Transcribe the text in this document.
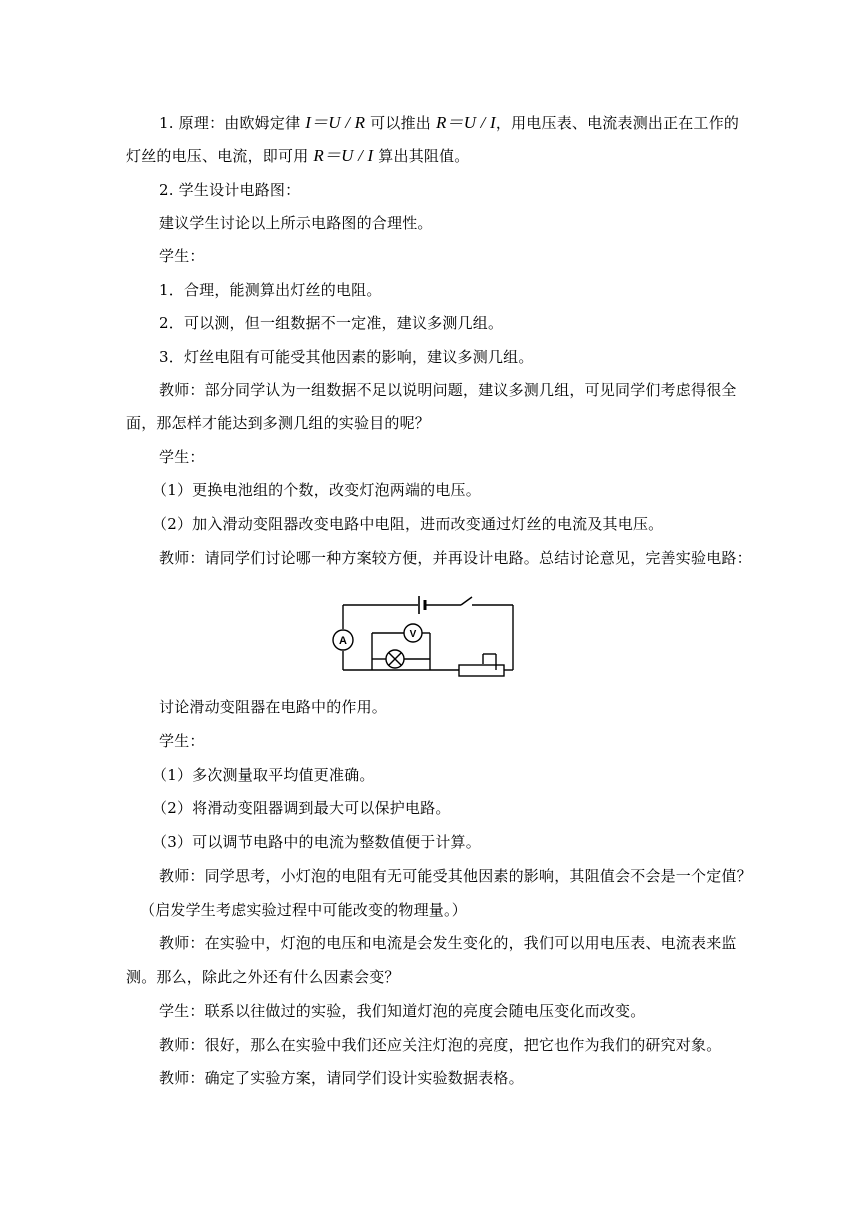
1. 原理：由欧姆定律 I＝U / R 可以推出 R＝U / I，用电压表、电流表测出正在工作的
灯丝的电压、电流，即可用 R＝U / I 算出其阻值。
2. 学生设计电路图：
建议学生讨论以上所示电路图的合理性。
学生：
1．合理，能测算出灯丝的电阻。
2．可以测，但一组数据不一定准，建议多测几组。
3．灯丝电阻有可能受其他因素的影响，建议多测几组。
教师：部分同学认为一组数据不足以说明问题，建议多测几组，可见同学们考虑得很全
面，那怎样才能达到多测几组的实验目的呢？
学生：
（1）更换电池组的个数，改变灯泡两端的电压。
（2）加入滑动变阻器改变电路中电阻，进而改变通过灯丝的电流及其电压。
教师：请同学们讨论哪一种方案较方便，并再设计电路。总结讨论意见，完善实验电路：
A
V
讨论滑动变阻器在电路中的作用。
学生：
（1）多次测量取平均值更准确。
（2）将滑动变阻器调到最大可以保护电路。
（3）可以调节电路中的电流为整数值便于计算。
教师：同学思考，小灯泡的电阻有无可能受其他因素的影响，其阻值会不会是一个定值？
（启发学生考虑实验过程中可能改变的物理量。）
教师：在实验中，灯泡的电压和电流是会发生变化的，我们可以用电压表、电流表来监
测。那么，除此之外还有什么因素会变？
学生：联系以往做过的实验，我们知道灯泡的亮度会随电压变化而改变。
教师：很好，那么在实验中我们还应关注灯泡的亮度，把它也作为我们的研究对象。
教师：确定了实验方案，请同学们设计实验数据表格。
